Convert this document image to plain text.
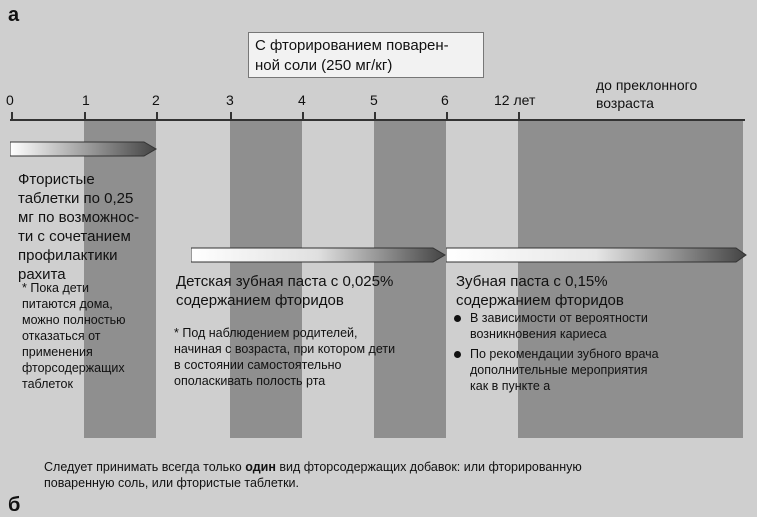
а
б
С фторированием поварен-
ной соли (250 мг/кг)
0	1	2	3	4	5	6	12 лет
до преклонного
возраста
Фтористые
таблетки по 0,25
мг по возможнос-
ти с сочетанием
профилактики
рахита
* Пока дети
питаются дома,
можно полностью
отказаться от
применения
фторсодержащих
таблеток
Детская зубная паста с 0,025%
содержанием фторидов
* Под наблюдением родителей,
начиная с возраста, при котором дети
в состоянии самостоятельно
ополаскивать полость рта
Зубная паста с 0,15%
содержанием фторидов
В зависимости от вероятности
возникновения кариеса
По рекомендации зубного врача
дополнительные мероприятия
как в пункте а
Следует принимать всегда только один вид фторсодержащих добавок: или фторированную
поваренную соль, или фтористые таблетки.
